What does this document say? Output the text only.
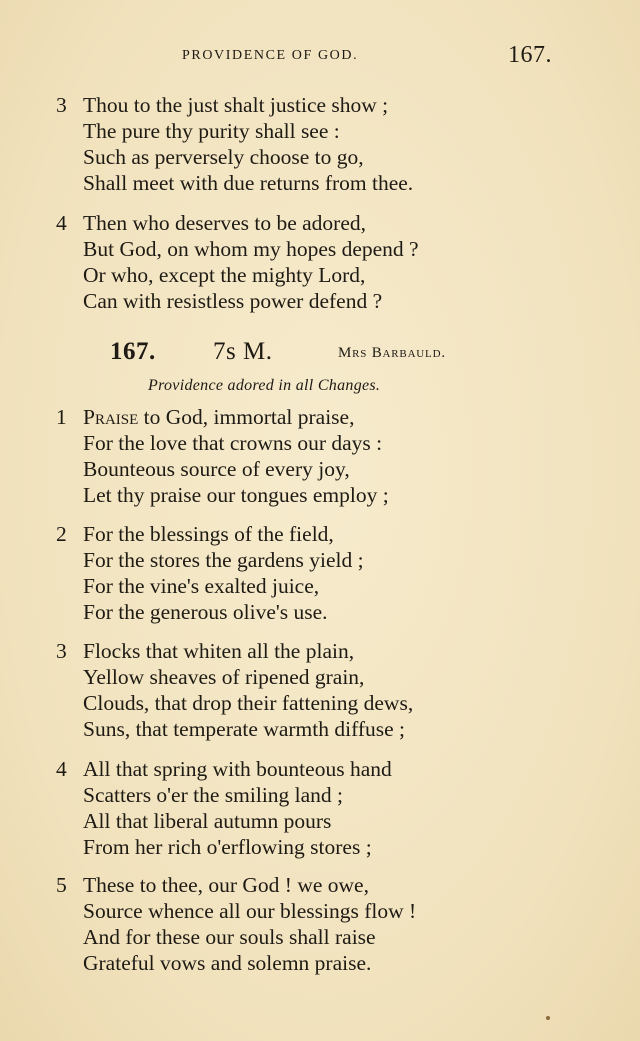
PROVIDENCE OF GOD.	167.
3 Thou to the just shalt justice show ;
The pure thy purity shall see :
Such as perversely choose to go,
Shall meet with due returns from thee.
4 Then who deserves to be adored,
But God, on whom my hopes depend ?
Or who, except the mighty Lord,
Can with resistless power defend ?
167. 7s M.	Mrs Barbauld.
Providence adored in all Changes.
1 Praise to God, immortal praise,
For the love that crowns our days :
Bounteous source of every joy,
Let thy praise our tongues employ ;
2 For the blessings of the field,
For the stores the gardens yield ;
For the vine's exalted juice,
For the generous olive's use.
3 Flocks that whiten all the plain,
Yellow sheaves of ripened grain,
Clouds, that drop their fattening dews,
Suns, that temperate warmth diffuse ;
4 All that spring with bounteous hand
Scatters o'er the smiling land ;
All that liberal autumn pours
From her rich o'erflowing stores ;
5 These to thee, our God ! we owe,
Source whence all our blessings flow !
And for these our souls shall raise
Grateful vows and solemn praise.
